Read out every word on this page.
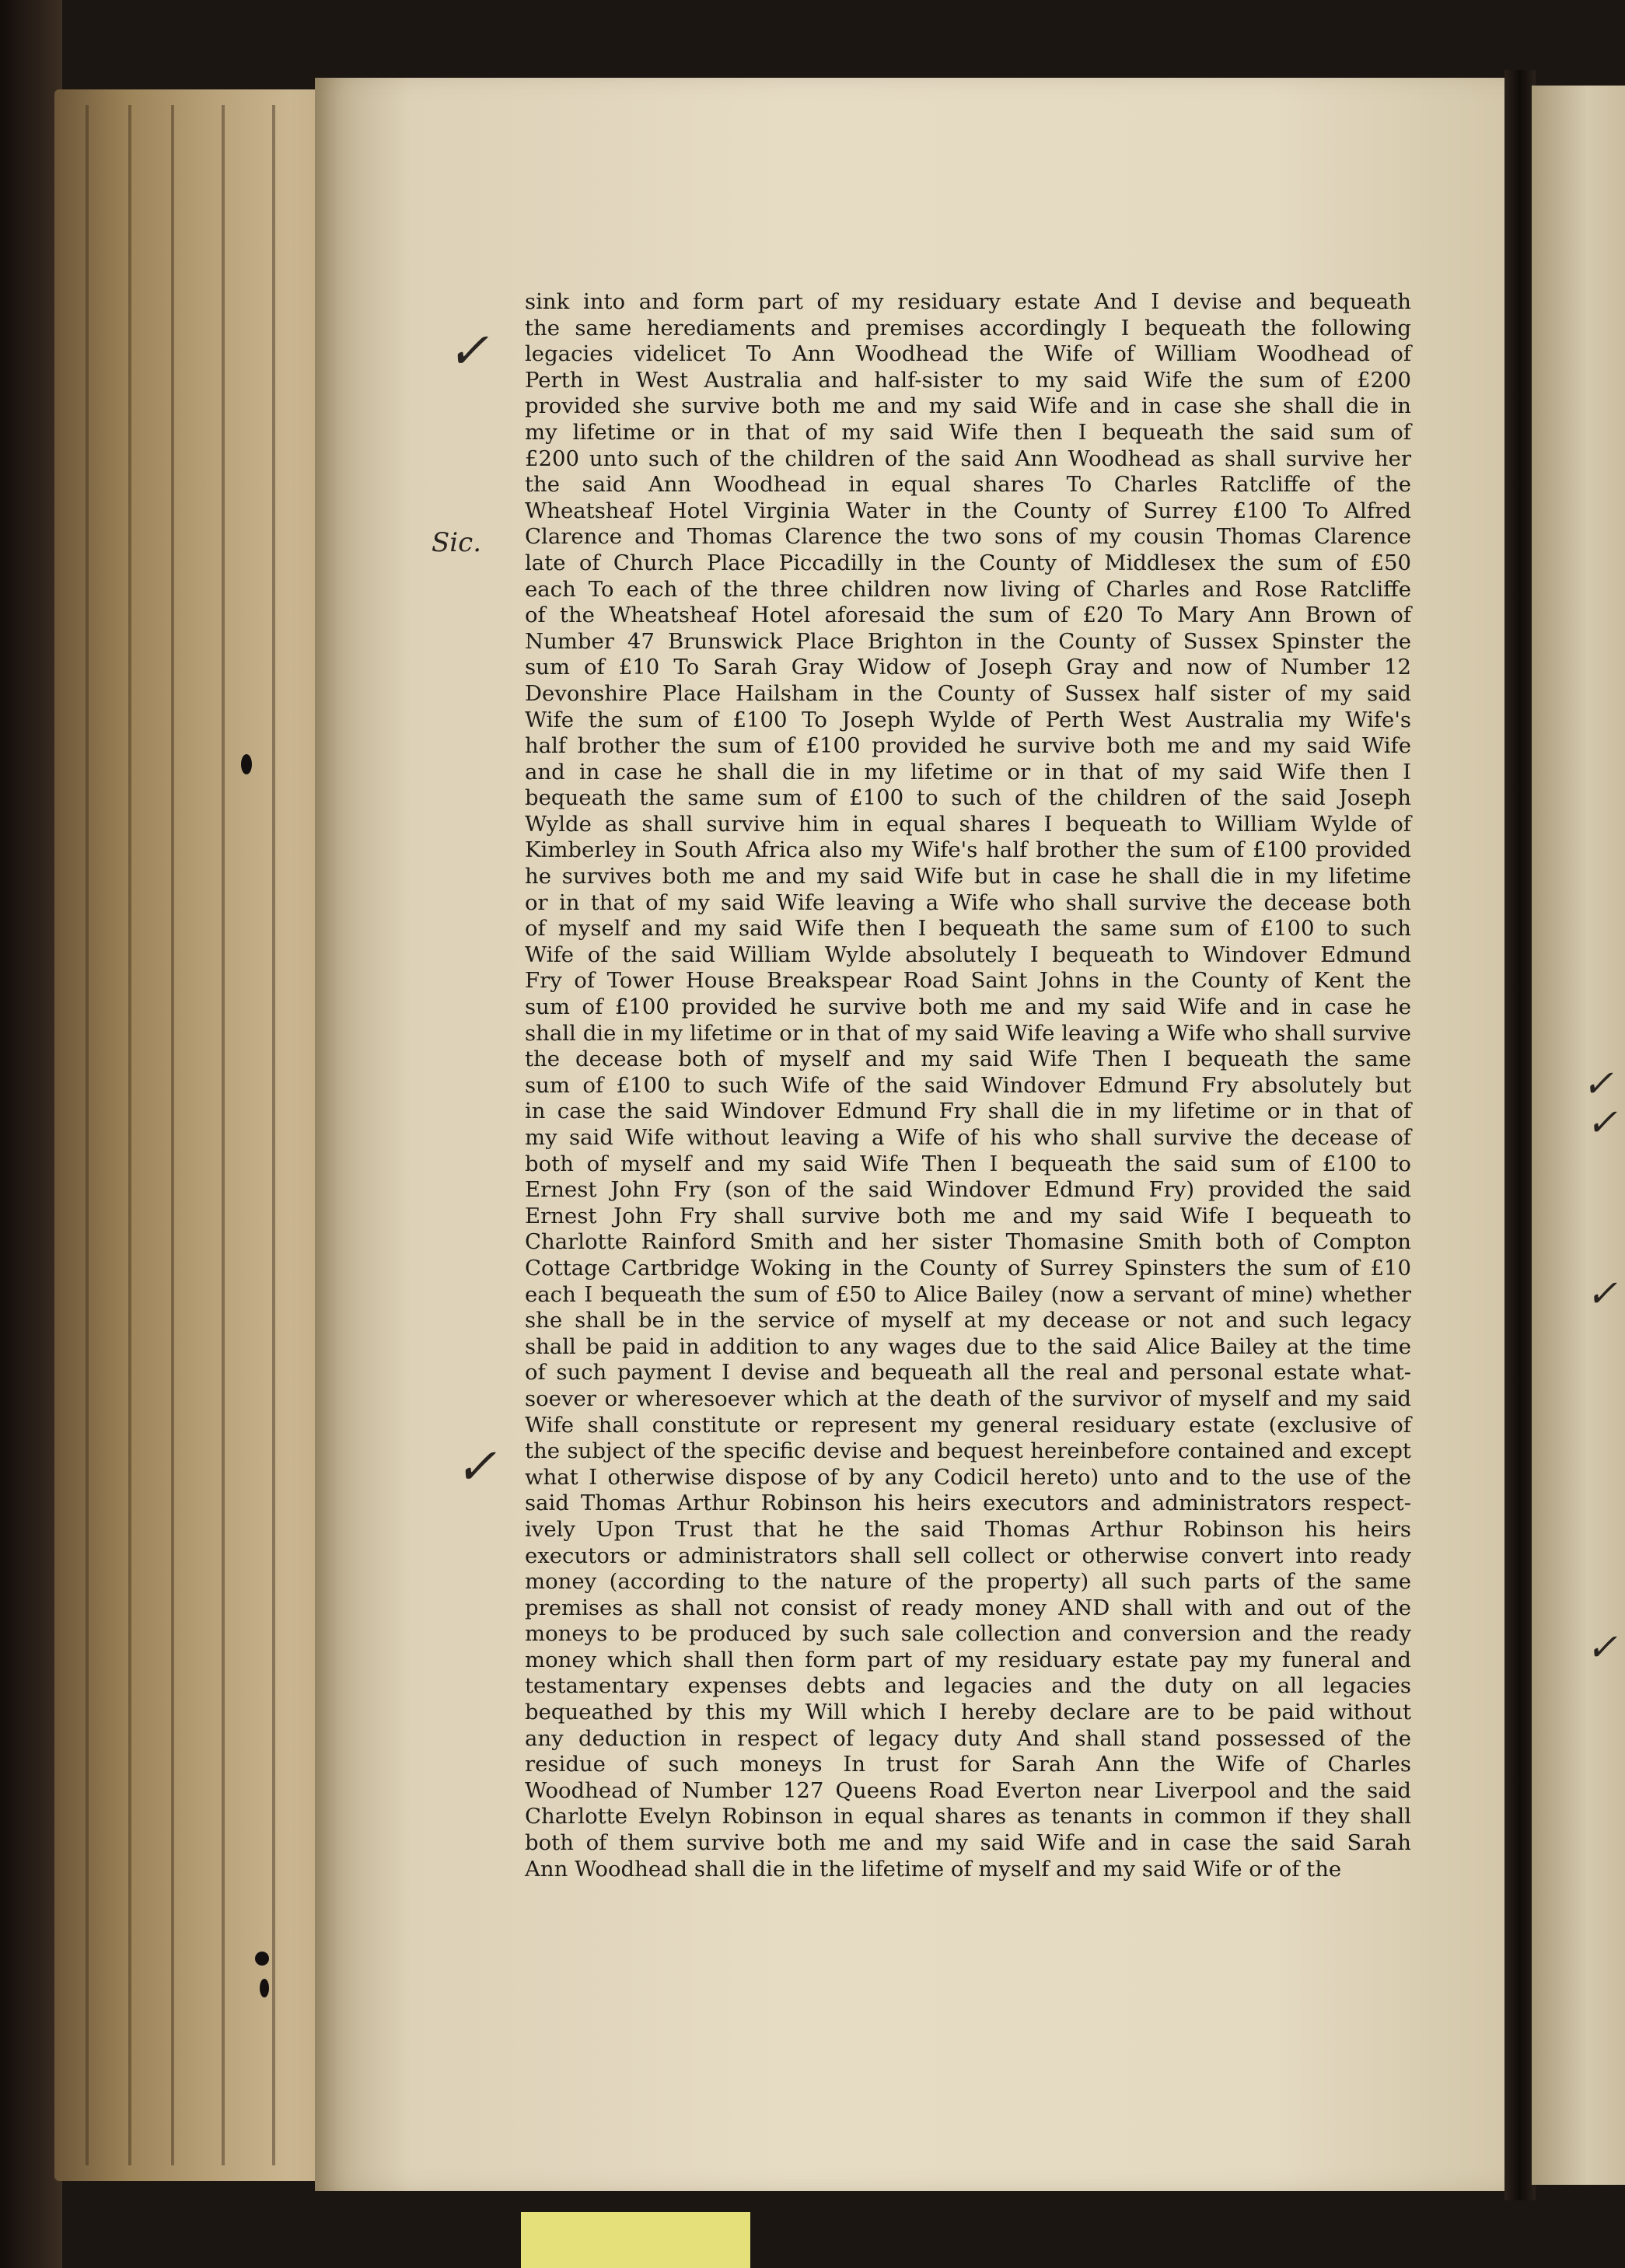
sink into and form part of my residuary estate And I devise and bequeath
the same herediaments and premises accordingly I bequeath the following
legacies videlicet To Ann Woodhead the Wife of William Woodhead of
Perth in West Australia and half-sister to my said Wife the sum of £200
provided she survive both me and my said Wife and in case she shall die in
my lifetime or in that of my said Wife then I bequeath the said sum of
£200 unto such of the children of the said Ann Woodhead as shall survive her
the said Ann Woodhead in equal shares To Charles Ratcliffe of the
Wheatsheaf Hotel Virginia Water in the County of Surrey £100 To Alfred
Clarence and Thomas Clarence the two sons of my cousin Thomas Clarence
late of Church Place Piccadilly in the County of Middlesex the sum of £50
each To each of the three children now living of Charles and Rose Ratcliffe
of the Wheatsheaf Hotel aforesaid the sum of £20 To Mary Ann Brown of
Number 47 Brunswick Place Brighton in the County of Sussex Spinster the
sum of £10 To Sarah Gray Widow of Joseph Gray and now of Number 12
Devonshire Place Hailsham in the County of Sussex half sister of my said
Wife the sum of £100 To Joseph Wylde of Perth West Australia my Wife's
half brother the sum of £100 provided he survive both me and my said Wife
and in case he shall die in my lifetime or in that of my said Wife then I
bequeath the same sum of £100 to such of the children of the said Joseph
Wylde as shall survive him in equal shares I bequeath to William Wylde of
Kimberley in South Africa also my Wife's half brother the sum of £100 provided
he survives both me and my said Wife but in case he shall die in my lifetime
or in that of my said Wife leaving a Wife who shall survive the decease both
of myself and my said Wife then I bequeath the same sum of £100 to such
Wife of the said William Wylde absolutely I bequeath to Windover Edmund
Fry of Tower House Breakspear Road Saint Johns in the County of Kent the
sum of £100 provided he survive both me and my said Wife and in case he
shall die in my lifetime or in that of my said Wife leaving a Wife who shall survive
the decease both of myself and my said Wife Then I bequeath the same
sum of £100 to such Wife of the said Windover Edmund Fry absolutely but
in case the said Windover Edmund Fry shall die in my lifetime or in that of
my said Wife without leaving a Wife of his who shall survive the decease of
both of myself and my said Wife Then I bequeath the said sum of £100 to
Ernest John Fry (son of the said Windover Edmund Fry) provided the said
Ernest John Fry shall survive both me and my said Wife I bequeath to
Charlotte Rainford Smith and her sister Thomasine Smith both of Compton
Cottage Cartbridge Woking in the County of Surrey Spinsters the sum of £10
each I bequeath the sum of £50 to Alice Bailey (now a servant of mine) whether
she shall be in the service of myself at my decease or not and such legacy
shall be paid in addition to any wages due to the said Alice Bailey at the time
of such payment I devise and bequeath all the real and personal estate what-
soever or wheresoever which at the death of the survivor of myself and my said
Wife shall constitute or represent my general residuary estate (exclusive of
the subject of the specific devise and bequest hereinbefore contained and except
what I otherwise dispose of by any Codicil hereto) unto and to the use of the
said Thomas Arthur Robinson his heirs executors and administrators respect-
ively Upon Trust that he the said Thomas Arthur Robinson his heirs
executors or administrators shall sell collect or otherwise convert into ready
money (according to the nature of the property) all such parts of the same
premises as shall not consist of ready money AND shall with and out of the
moneys to be produced by such sale collection and conversion and the ready
money which shall then form part of my residuary estate pay my funeral and
testamentary expenses debts and legacies and the duty on all legacies
bequeathed by this my Will which I hereby declare are to be paid without
any deduction in respect of legacy duty And shall stand possessed of the
residue of such moneys In trust for Sarah Ann the Wife of Charles
Woodhead of Number 127 Queens Road Everton near Liverpool and the said
Charlotte Evelyn Robinson in equal shares as tenants in common if they shall
both of them survive both me and my said Wife and in case the said Sarah
Ann Woodhead shall die in the lifetime of myself and my said Wife or of the
✓
✓
✓
✓
✓
✓
Sic.
